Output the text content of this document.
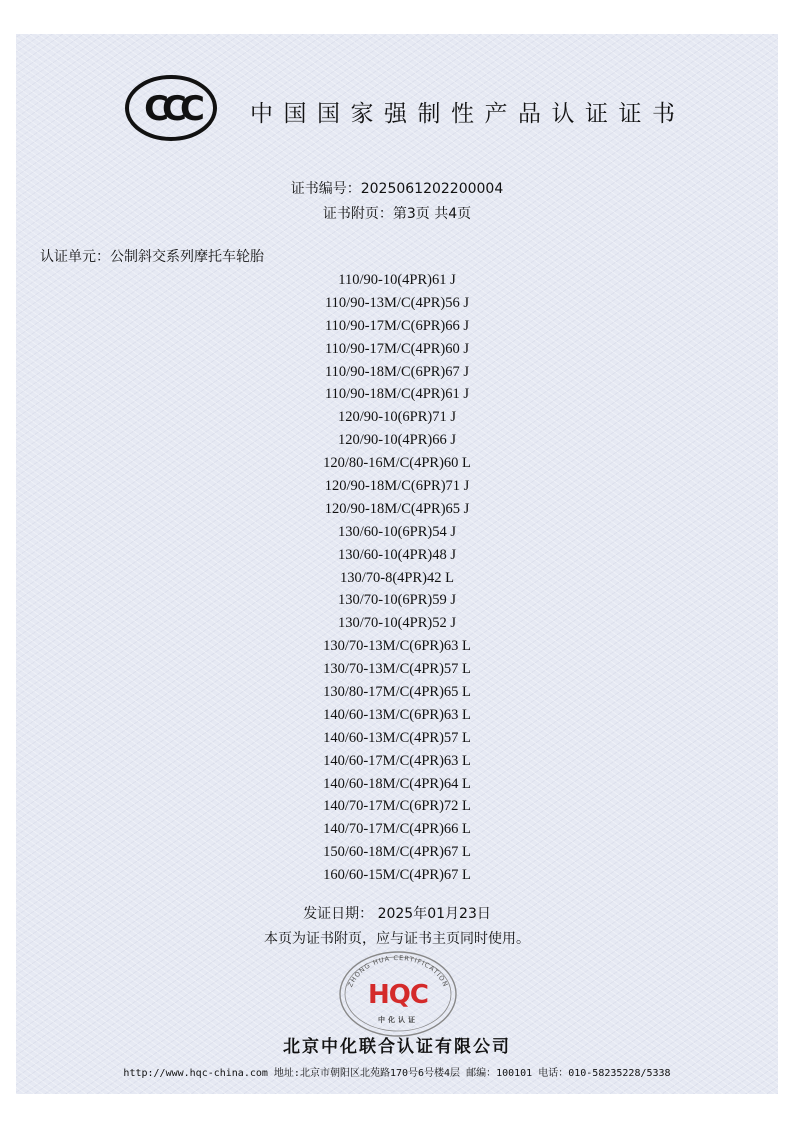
CCC 中国国家强制性产品认证证书
证书编号：2025061202200004
证书附页：第3页 共4页
认证单元：公制斜交系列摩托车轮胎
110/90-10(4PR)61 J
110/90-13M/C(4PR)56 J
110/90-17M/C(6PR)66 J
110/90-17M/C(4PR)60 J
110/90-18M/C(6PR)67 J
110/90-18M/C(4PR)61 J
120/90-10(6PR)71 J
120/90-10(4PR)66 J
120/80-16M/C(4PR)60 L
120/90-18M/C(6PR)71 J
120/90-18M/C(4PR)65 J
130/60-10(6PR)54 J
130/60-10(4PR)48 J
130/70-8(4PR)42 L
130/70-10(6PR)59 J
130/70-10(4PR)52 J
130/70-13M/C(6PR)63 L
130/70-13M/C(4PR)57 L
130/80-17M/C(4PR)65 L
140/60-13M/C(6PR)63 L
140/60-13M/C(4PR)57 L
140/60-17M/C(4PR)63 L
140/60-18M/C(4PR)64 L
140/70-17M/C(6PR)72 L
140/70-17M/C(4PR)66 L
150/60-18M/C(4PR)67 L
160/60-15M/C(4PR)67 L
发证日期： 2025年01月23日
本页为证书附页，应与证书主页同时使用。
ZHONG HUA CERTIFICATION
HQC
中化认证
北京中化联合认证有限公司
http://www.hqc-china.com 地址:北京市朝阳区北苑路170号6号楼4层 邮编：100101 电话：010-58235228/5338
